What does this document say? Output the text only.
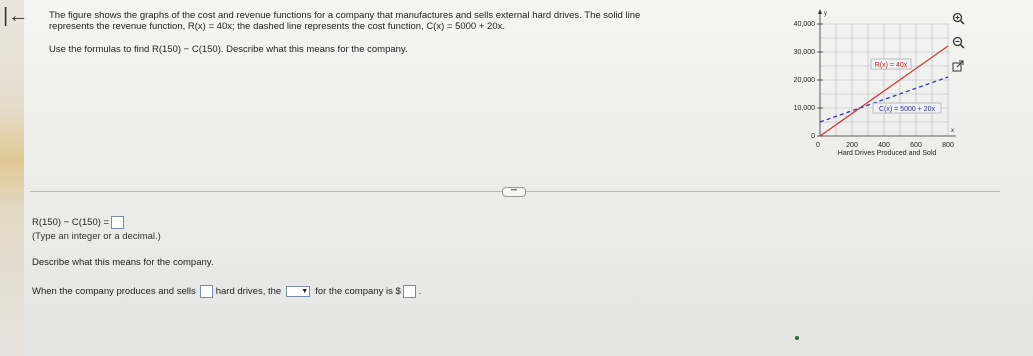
|← The figure shows the graphs of the cost and revenue functions for a company that manufactures and sells external hard drives. The solid line
represents the revenue function, R(x) = 40x; the dashed line represents the cost function, C(x) = 5000 + 20x.
Use the formulas to find R(150) − C(150). Describe what this means for the company.
40,000
30,000
20,000
10,000
0
y
0	200	400	600	800
x
Hard Drives Produced and Sold
R(x) = 40x
C(x) = 5000 + 20x
•••
R(150) − C(150) =
(Type an integer or a decimal.)
Describe what this means for the company.
When the company produces and sells hard drives, the	▼ for the company is $ .
